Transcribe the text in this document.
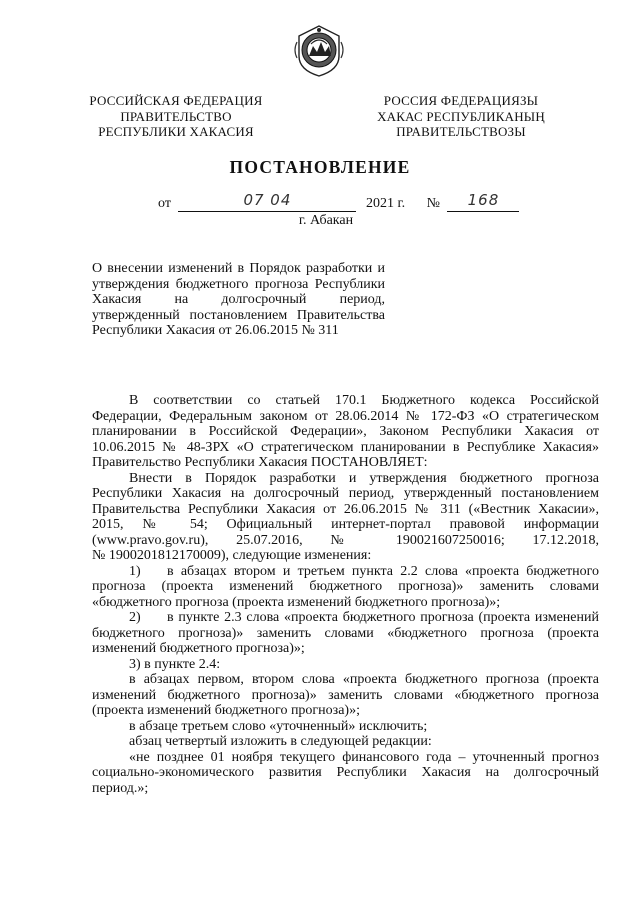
РОССИЙСКАЯ ФЕДЕРАЦИЯ
ПРАВИТЕЛЬСТВО
РЕСПУБЛИКИ ХАКАСИЯ
РОССИЯ ФЕДЕРАЦИЯЗЫ
ХАКАС РЕСПУБЛИКАНЫҢ
ПРАВИТЕЛЬСТВОЗЫ
ПОСТАНОВЛЕНИЕ
от	07 04	2021 г. № 168
г. Абакан
О внесении изменений в Порядок разработки и
утверждения бюджетного прогноза Республики
Хакасия на долгосрочный период,
утвержденный постановлением Правительства
Республики Хакасия от 26.06.2015 № 311
В соответствии со статьей 170.1 Бюджетного кодекса Российской
Федерации, Федеральным законом от 28.06.2014 № 172-ФЗ «О стратегическом
планировании в Российской Федерации», Законом Республики Хакасия от
10.06.2015 № 48-ЗРХ «О стратегическом планировании в Республике Хакасия»
Правительство Республики Хакасия ПОСТАНОВЛЯЕТ:
Внести в Порядок разработки и утверждения бюджетного прогноза
Республики Хакасия на долгосрочный период, утвержденный постановлением
Правительства Республики Хакасия от 26.06.2015 № 311 («Вестник Хакасии»,
2015, № 54; Официальный интернет-портал правовой информации
(www.pravo.gov.ru), 25.07.2016, № 190021607250016; 17.12.2018,
№ 1900201812170009), следующие изменения:
1) в абзацах втором и третьем пункта 2.2 слова «проекта бюджетного
прогноза (проекта изменений бюджетного прогноза)» заменить словами
«бюджетного прогноза (проекта изменений бюджетного прогноза)»;
2) в пункте 2.3 слова «проекта бюджетного прогноза (проекта изменений
бюджетного прогноза)» заменить словами «бюджетного прогноза (проекта
изменений бюджетного прогноза)»;
3) в пункте 2.4:
в абзацах первом, втором слова «проекта бюджетного прогноза (проекта
изменений бюджетного прогноза)» заменить словами «бюджетного прогноза
(проекта изменений бюджетного прогноза)»;
в абзаце третьем слово «уточненный» исключить;
абзац четвертый изложить в следующей редакции:
«не позднее 01 ноября текущего финансового года – уточненный прогноз
социально-экономического развития Республики Хакасия на долгосрочный
период.»;
